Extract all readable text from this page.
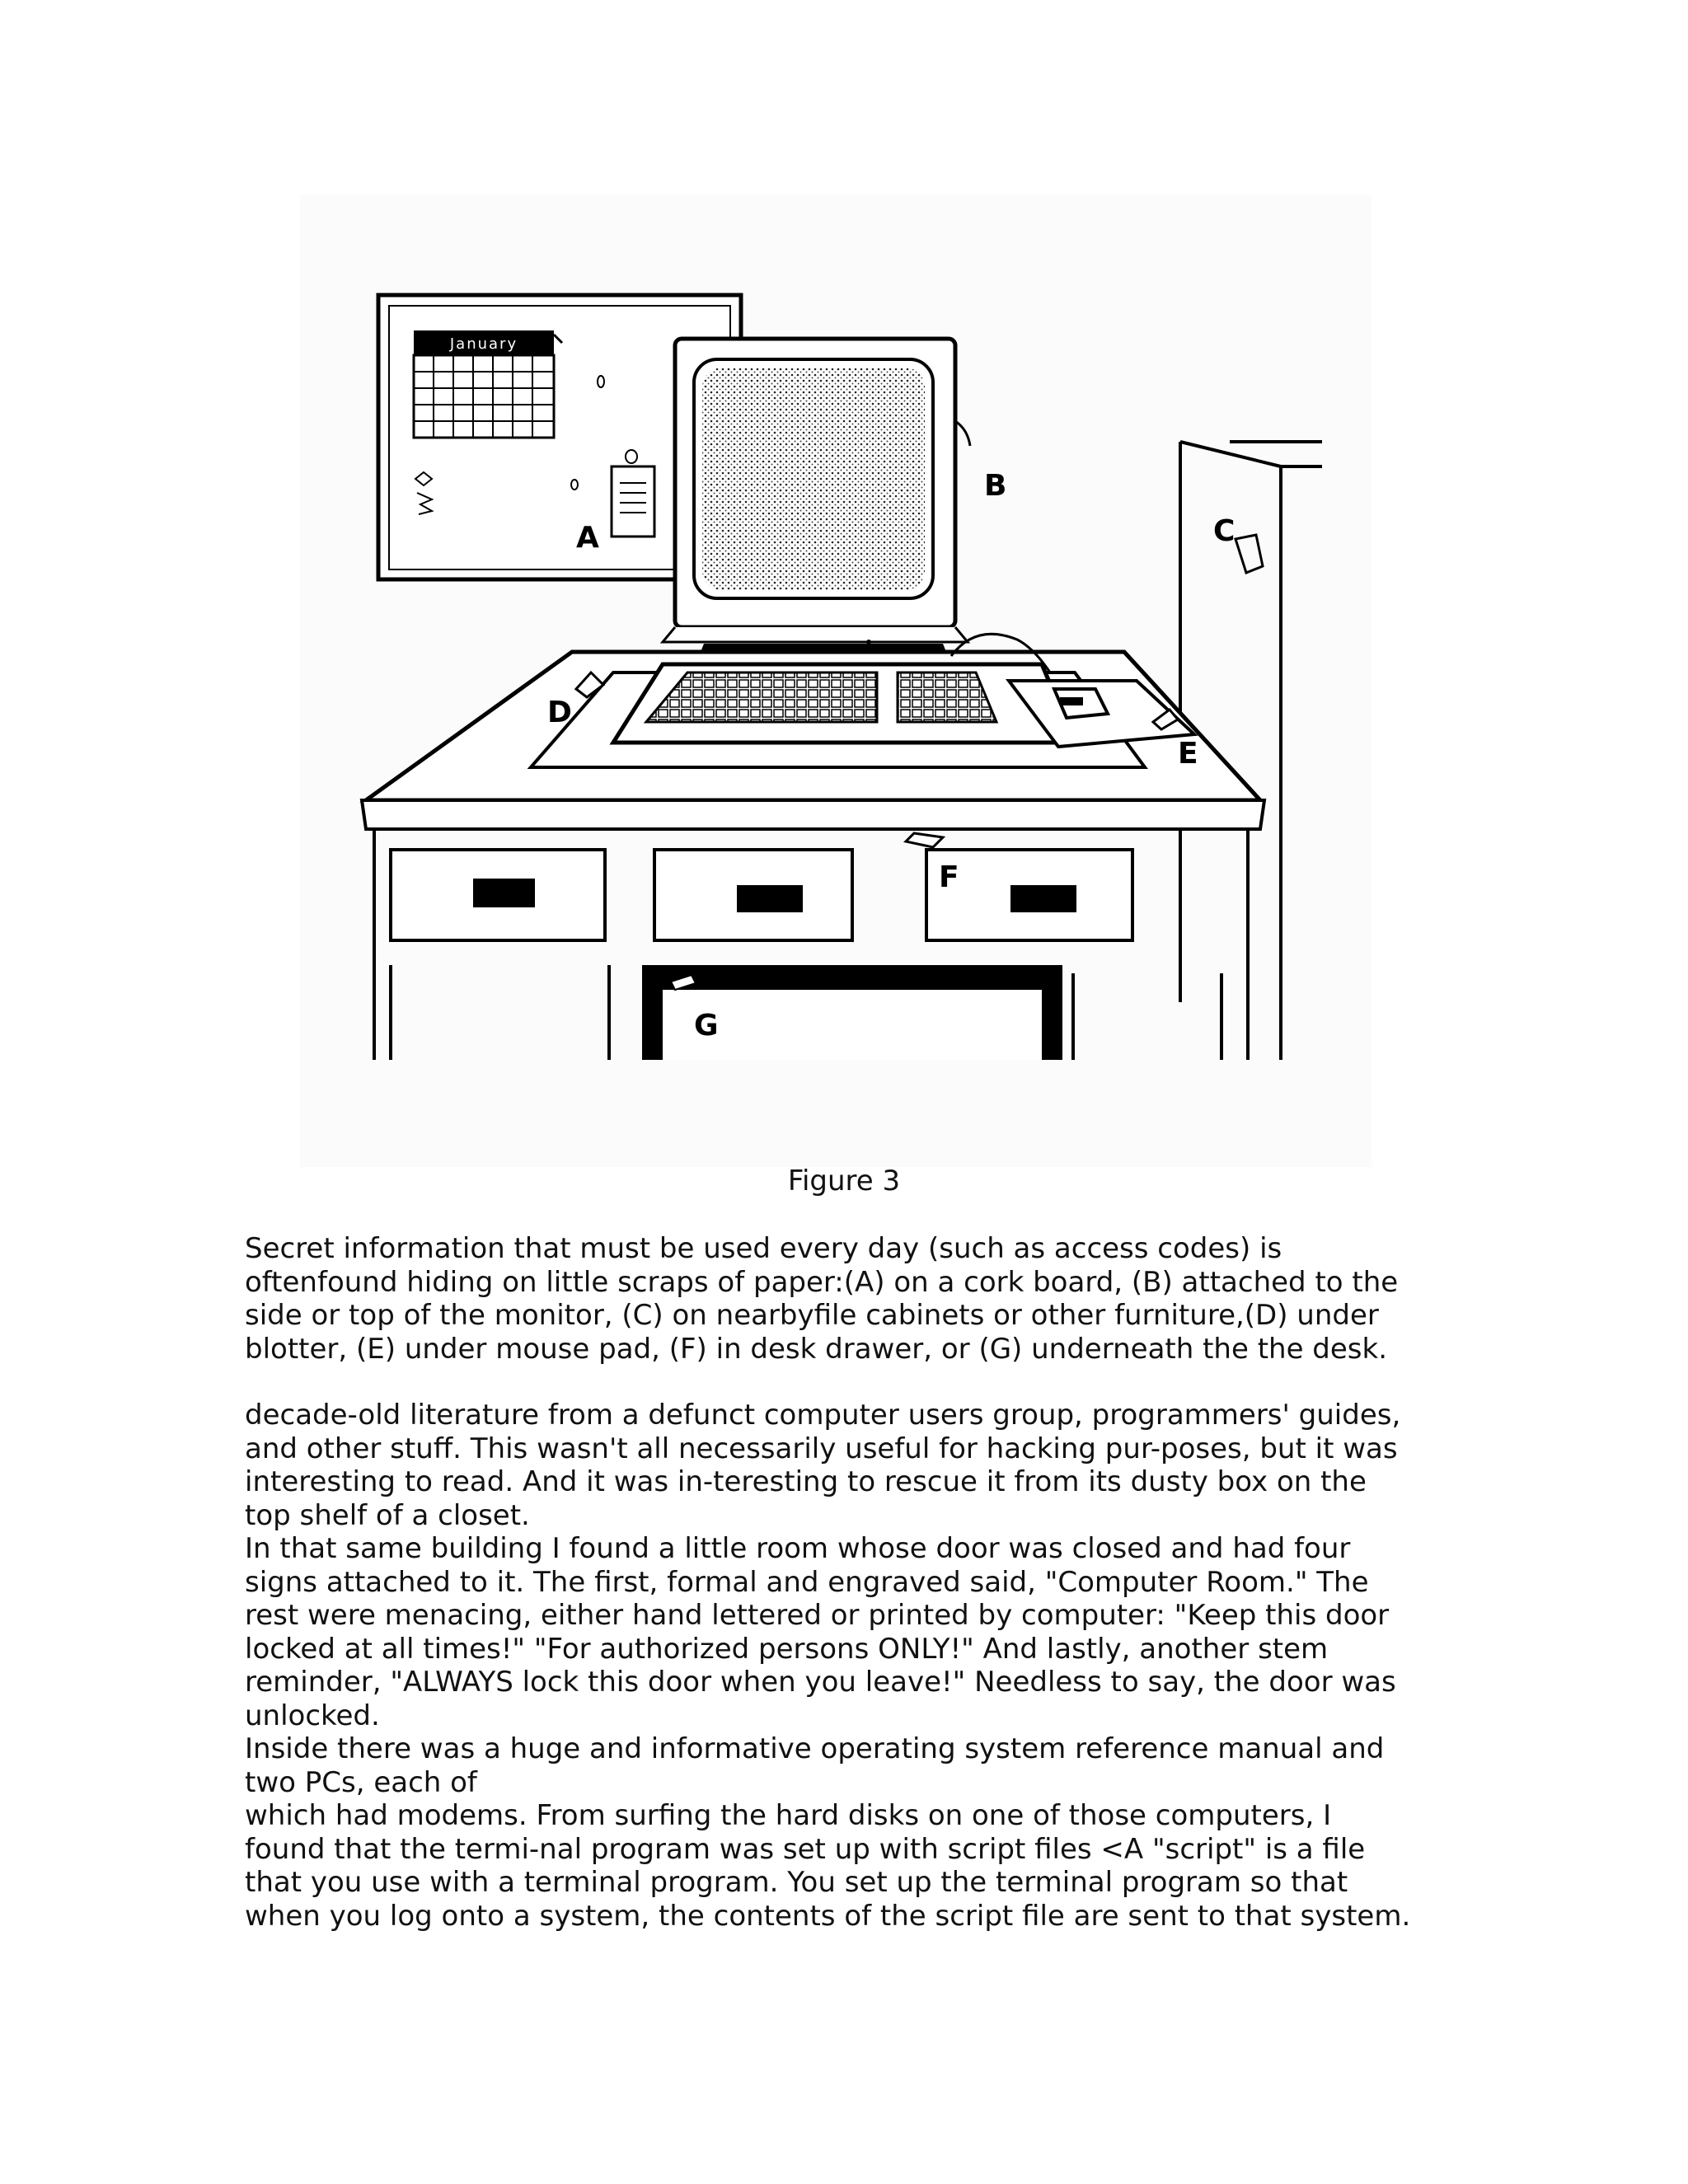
January
A	C
B
E
D
F
G
Figure 3

Secret information that must be used every day (such as access codes) is

oftenfound hiding on little scraps of paper:(A) on a cork board, (B) attached to the

side or top of the monitor, (C) on nearbyfile cabinets or other furniture,(D) under

blotter, (E) under mouse pad, (F) in desk drawer, or (G) underneath the the desk.

decade-old literature from a defunct computer users group, programmers' guides,

and other stuff. This wasn't all necessarily useful for hacking pur-poses, but it was

interesting to read. And it was in-teresting to rescue it from its dusty box on the

top shelf of a closet.

In that same building I found a little room whose door was closed and had four

signs attached to it. The first, formal and engraved said, "Computer Room." The

rest were menacing, either hand lettered or printed by computer: "Keep this door

locked at all times!" "For authorized persons ONLY!" And lastly, another stem

reminder, "ALWAYS lock this door when you leave!" Needless to say, the door was

unlocked.

Inside there was a huge and informative operating system reference manual and

two PCs, each of

which had modems. From surfing the hard disks on one of those computers, I

found that the termi-nal program was set up with script files <A "script" is a file

that you use with a terminal program. You set up the terminal program so that

when you log onto a system, the contents of the script file are sent to that system.
